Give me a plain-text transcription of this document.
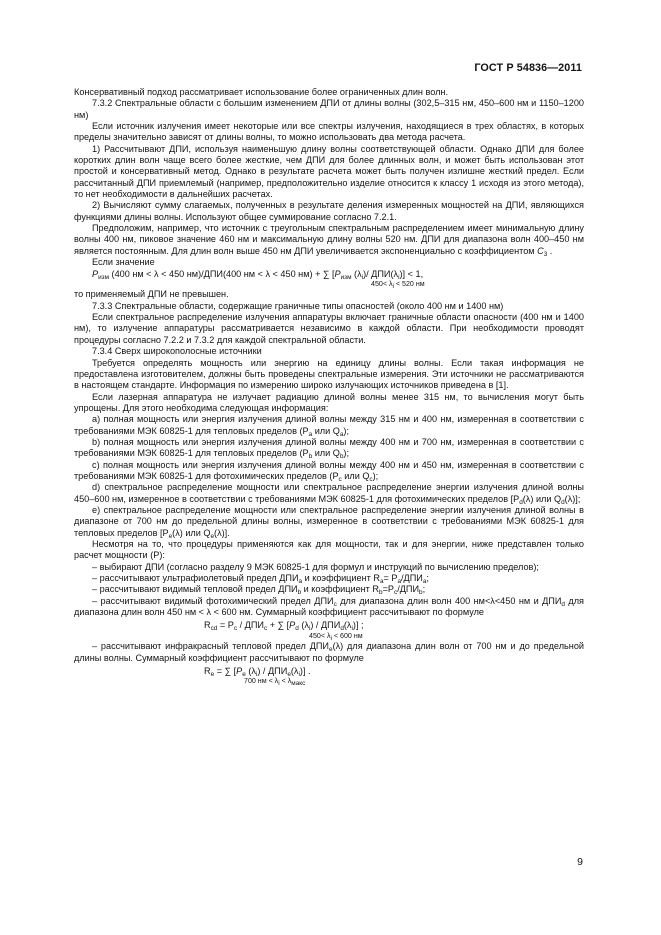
ГОСТ Р 54836—2011

Консервативный подход рассматривает использование более ограниченных длин волн.

7.3.2 Спектральные области с большим изменением ДПИ от длины волны (302,5–315 нм, 450–600 нм и 1150–1200 нм)

Если источник излучения имеет некоторые или все спектры излучения, находящиеся в трех областях, в которых пределы значительно зависят от длины волны, то можно использовать два метода расчета.

1) Рассчитывают ДПИ, используя наименьшую длину волны соответствующей области. Однако ДПИ для более коротких длин волн чаще всего более жесткие, чем ДПИ для более длинных волн, и может быть использован этот простой и консервативный метод. Однако в результате расчета может быть получен излишне жесткий предел. Если рассчитанный ДПИ приемлемый (например, предположительно изделие относится к классу 1 исходя из этого метода), то нет необходимости в дальнейших расчетах.

2) Вычисляют сумму слагаемых, полученных в результате деления измеренных мощностей на ДПИ, являющихся функциями длины волны. Используют общее суммирование согласно 7.2.1.

Предположим, например, что источник с треугольным спектральным распределением имеет минимальную длину волны 400 нм, пиковое значение 460 нм и максимальную длину волны 520 нм. ДПИ для диапазона волн 400–450 нм является постоянным. Для длин волн выше 450 нм ДПИ увеличивается экспоненциально с коэффициентом $C_3$ .

Если значение

$P_{изм}$ (400 нм < λ < 450 нм)/ДПИ(400 нм < λ < 450 нм) + ∑ [$P_{изм}$ $(\lambda_i)/$ $ДПИ(\lambda_i)] < 1$,

$450< \lambda_i < 520$ нм

то применяемый ДПИ не превышен.

7.3.3 Спектральные области, содержащие граничные типы опасностей (около 400 нм и 1400 нм)

Если спектральное распределение излучения аппаратуры включает граничные области опасности (400 нм и 1400 нм), то излучение аппаратуры рассматривается независимо в каждой области. При необходимости проводят процедуры согласно 7.2.2 и 7.3.2 для каждой спектральной области.

7.3.4 Сверх широкополосные источники

Требуется определять мощность или энергию на единицу длины волны. Если такая информация не предоставлена изготовителем, должны быть проведены спектральные измерения. Эти источники не рассматриваются в настоящем стандарте. Информация по измерению широко излучающих источников приведена в [1].

Если лазерная аппаратура не излучает радиацию длиной волны менее 315 нм, то вычисления могут быть упрощены. Для этого необходима следующая информация:

а) полная мощность или энергия излучения длиной волны между 315 нм и 400 нм, измеренная в соответствии с требованиями МЭК 60825-1 для тепловых пределов ($P_a$ или $Q_a$);

b) полная мощность или энергия излучения длиной волны между 400 нм и 700 нм, измеренная в соответствии с требованиями МЭК 60825-1 для тепловых пределов ($P_b$ или $Q_b$);

c) полная мощность или энергия излучения длиной волны между 400 нм и 450 нм, измеренная в соответствии с требованиями МЭК 60825-1 для фотохимических пределов ($P_c$ или $Q_c$);

d) спектральное распределение мощности или спектральное распределение энергии излучения длиной волны 450–600 нм, измеренное в соответствии с требованиями МЭК 60825-1 для фотохимических пределов [$P_d(\lambda)$ или $Q_d(\lambda)$];

e) спектральное распределение мощности или спектральное распределение энергии излучения длиной волны в диапазоне от 700 нм до предельной длины волны, измеренное в соответствии с требованиями МЭК 60825-1 для тепловых пределов [$P_e(\lambda)$ или $Q_e(\lambda)$].

Несмотря на то, что процедуры применяются как для мощности, так и для энергии, ниже представлен только расчет мощности (P):

– выбирают ДПИ (согласно разделу 9 МЭК 60825-1 для формул и инструкций по вычислению пределов);

– рассчитывают ультрафиолетовый предел $ДПИ_a$ и коэффициент $R_a= P_a/ДПИ_a$;

– рассчитывают видимый тепловой предел $ДПИ_b$ и коэффициент $R_b=P_c/ДПИ_b$;

– рассчитывают видимый фотохимический предел $ДПИ_c$ для диапазона длин волн 400 нм<λ<450 нм и $ДПИ_d$ для диапазона длин волн 450 нм < λ < 600 нм. Суммарный коэффициент рассчитывают по формуле

$R_{cd} = P_c / ДПИ_c$ + ∑ [$P_d$ $(\lambda_i) / ДПИ_d(\lambda_i)$] ;

$450< \lambda_i < 600$ нм

– рассчитывают инфракрасный тепловой предел $ДПИ_e(\lambda)$ для диапазона длин волн от 700 нм и до предельной длины волны. Суммарный коэффициент рассчитывают по формуле

$R_e$ = ∑ [$P_e$ $(\lambda_i) / ДПИ_e(\lambda_i)$] .

700 нм < $\lambda_i < \lambda_{макс}$
9
